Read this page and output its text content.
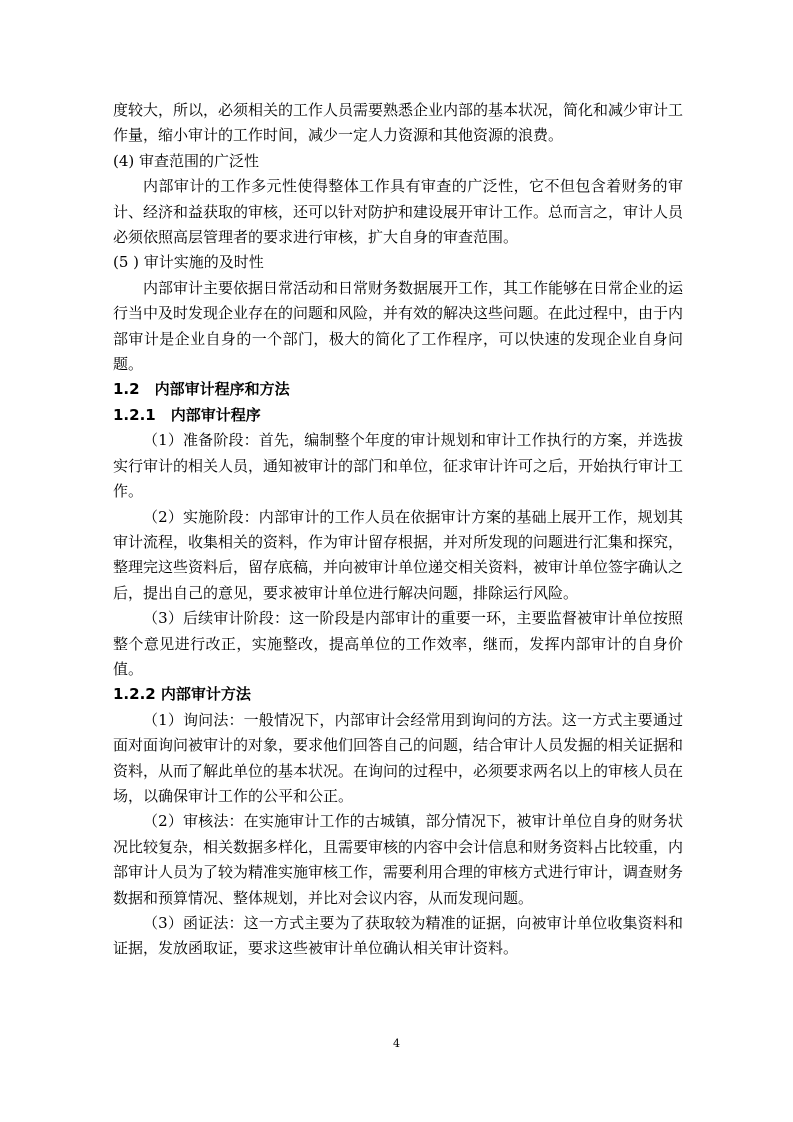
度较大，所以，必须相关的工作人员需要熟悉企业内部的基本状况，简化和减少审计工作量，缩小审计的工作时间，减少一定人力资源和其他资源的浪费。

(4) 审查范围的广泛性

内部审计的工作多元性使得整体工作具有审查的广泛性，它不但包含着财务的审计、经济和益获取的审核，还可以针对防护和建设展开审计工作。总而言之，审计人员必须依照高层管理者的要求进行审核，扩大自身的审查范围。

(5 ) 审计实施的及时性

内部审计主要依据日常活动和日常财务数据展开工作，其工作能够在日常企业的运行当中及时发现企业存在的问题和风险，并有效的解决这些问题。在此过程中，由于内部审计是企业自身的一个部门，极大的简化了工作程序，可以快速的发现企业自身问题。

1.2　内部审计程序和方法

1.2.1　内部审计程序

（1）准备阶段：首先，编制整个年度的审计规划和审计工作执行的方案，并选拔实行审计的相关人员，通知被审计的部门和单位，征求审计许可之后，开始执行审计工作。

（2）实施阶段：内部审计的工作人员在依据审计方案的基础上展开工作，规划其审计流程，收集相关的资料，作为审计留存根据，并对所发现的问题进行汇集和探究，整理完这些资料后，留存底稿，并向被审计单位递交相关资料，被审计单位签字确认之后，提出自己的意见，要求被审计单位进行解决问题，排除运行风险。

（3）后续审计阶段：这一阶段是内部审计的重要一环，主要监督被审计单位按照整个意见进行改正，实施整改，提高单位的工作效率，继而，发挥内部审计的自身价值。

1.2.2 内部审计方法

（1）询问法：一般情况下，内部审计会经常用到询问的方法。这一方式主要通过面对面询问被审计的对象，要求他们回答自己的问题，结合审计人员发掘的相关证据和资料，从而了解此单位的基本状况。在询问的过程中，必须要求两名以上的审核人员在场，以确保审计工作的公平和公正。

（2）审核法：在实施审计工作的古城镇，部分情况下，被审计单位自身的财务状况比较复杂，相关数据多样化，且需要审核的内容中会计信息和财务资料占比较重，内部审计人员为了较为精准实施审核工作，需要利用合理的审核方式进行审计，调查财务数据和预算情况、整体规划，并比对会议内容，从而发现问题。

（3）函证法：这一方式主要为了获取较为精准的证据，向被审计单位收集资料和证据，发放函取证，要求这些被审计单位确认相关审计资料。

4
